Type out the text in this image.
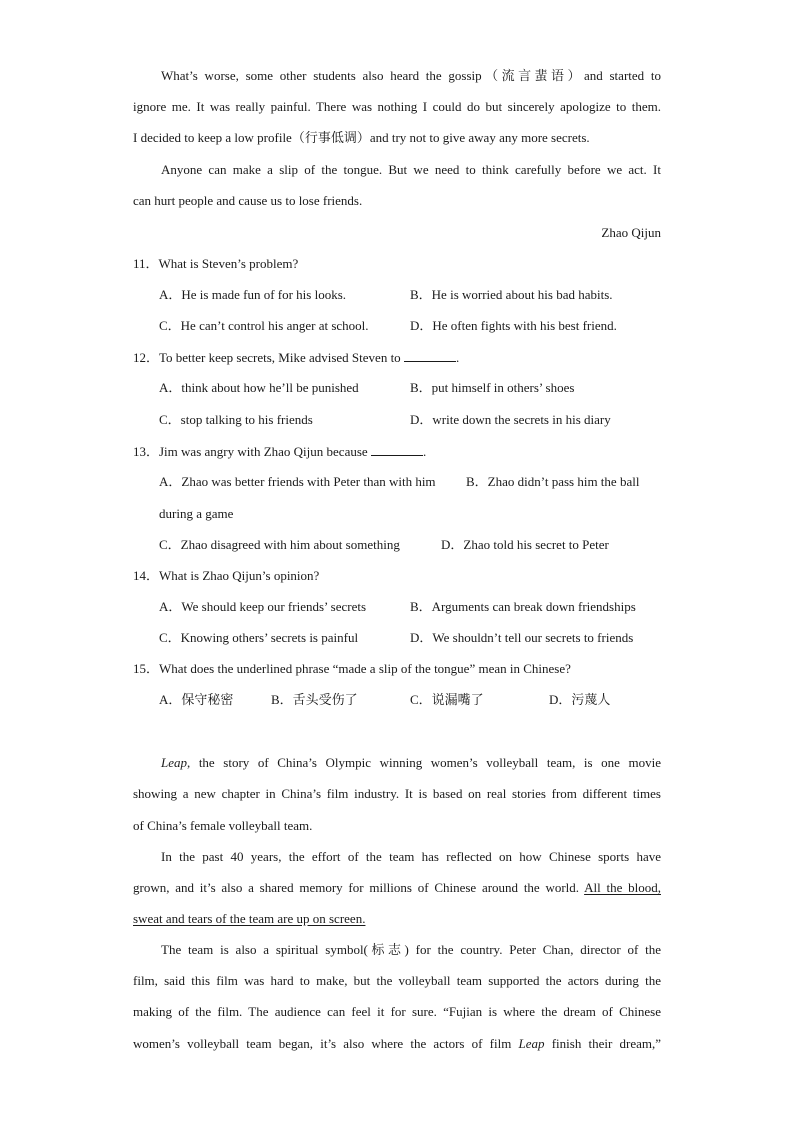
What’s worse, some other students also heard the gossip（流言蜚语）and started to
ignore me. It was really painful. There was nothing I could do but sincerely apologize to them.
I decided to keep a low profile（行事低调）and try not to give away any more secrets.
Anyone can make a slip of the tongue. But we need to think carefully before we act. It
can hurt people and cause us to lose friends.
Zhao Qijun
11．What is Steven’s problem?
A．He is made fun of for his looks.	B．He is worried about his bad habits.
C．He can’t control his anger at school.	D．He often fights with his best friend.
12．To better keep secrets, Mike advised Steven to	.
A．think about how he’ll be punished	B．put himself in others’ shoes
C．stop talking to his friends	D．write down the secrets in his diary
13．Jim was angry with Zhao Qijun because	.
A．Zhao was better friends with Peter than with him B．Zhao didn’t pass him the ball
during a game
C．Zhao disagreed with him about something	D．Zhao told his secret to Peter
14．What is Zhao Qijun’s opinion?
A．We should keep our friends’ secrets	B．Arguments can break down friendships
C．Knowing others’ secrets is painful	D．We shouldn’t tell our secrets to friends
15．What does the underlined phrase “made a slip of the tongue” mean in Chinese?
A．保守秘密	B．舌头受伤了	C．说漏嘴了	D．污蔑人
Leap, the story of China’s Olympic winning women’s volleyball team, is one movie
showing a new chapter in China’s film industry. It is based on real stories from different times
of China’s female volleyball team.
In the past 40 years, the effort of the team has reflected on how Chinese sports have
grown, and it’s also a shared memory for millions of Chinese around the world. All the blood,
sweat and tears of the team are up on screen.
The team is also a spiritual symbol(标志) for the country. Peter Chan, director of the
film, said this film was hard to make, but the volleyball team supported the actors during the
making of the film. The audience can feel it for sure. “Fujian is where the dream of Chinese
women’s volleyball team began, it’s also where the actors of film Leap finish their dream,”
